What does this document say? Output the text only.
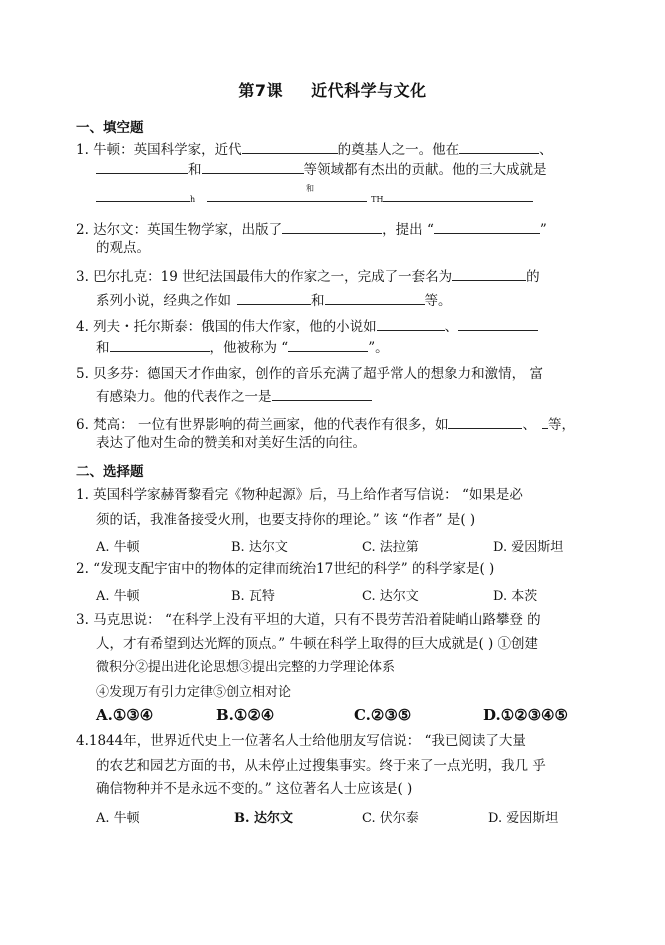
第7课 近代科学与文化
一、填空题
1. 牛顿：英国科学家，近代	的奠基人之一。他在	、
和	等领域都有杰出的贡献。他的三大成就是
和
h	TH
2. 达尔文：英国生物学家，出版了	，提出 “	”
的观点。
3. 巴尔扎克：19 世纪法国最伟大的作家之一，完成了一套名为	的
系列小说，经典之作如	和	等。
4. 列夫・托尔斯泰：俄国的伟大作家，他的小说如	、
和	，他被称为 “	”。
5. 贝多芬：德国天才作曲家，创作的音乐充满了超乎常人的想象力和激情， 富
有感染力。他的代表作之一是
6. 梵高： 一位有世界影响的荷兰画家，他的代表作有很多，如	、 等，
表达了他对生命的赞美和对美好生活的向往。
二、选择题
1. 英国科学家赫胥黎看完《物种起源》后，马上给作者写信说： “如果是必
须的话，我准备接受火刑，也要支持你的理论。” 该 “作者” 是( )
A. 牛顿	B. 达尔文	C. 法拉第	D. 爱因斯坦
2. “发现支配宇宙中的物体的定律而统治17世纪的科学” 的科学家是( )
A. 牛顿	B. 瓦特	C. 达尔文	D. 本茨
3. 马克思说： “在科学上没有平坦的大道，只有不畏劳苦沿着陡峭山路攀登 的
人，才有希望到达光辉的顶点。” 牛顿在科学上取得的巨大成就是( ) ①创建
微积分②提出进化论思想③提出完整的力学理论体系
④发现万有引力定律⑤创立相对论
A.①③④	B.①②④	C.②③⑤	D.①②③④⑤
4.1844年，世界近代史上一位著名人士给他朋友写信说： “我已阅读了大量
的农艺和园艺方面的书，从未停止过搜集事实。终于来了一点光明，我几 乎
确信物种并不是永远不变的。” 这位著名人士应该是( )
A. 牛顿	B. 达尔文	C. 伏尔泰	D. 爱因斯坦
